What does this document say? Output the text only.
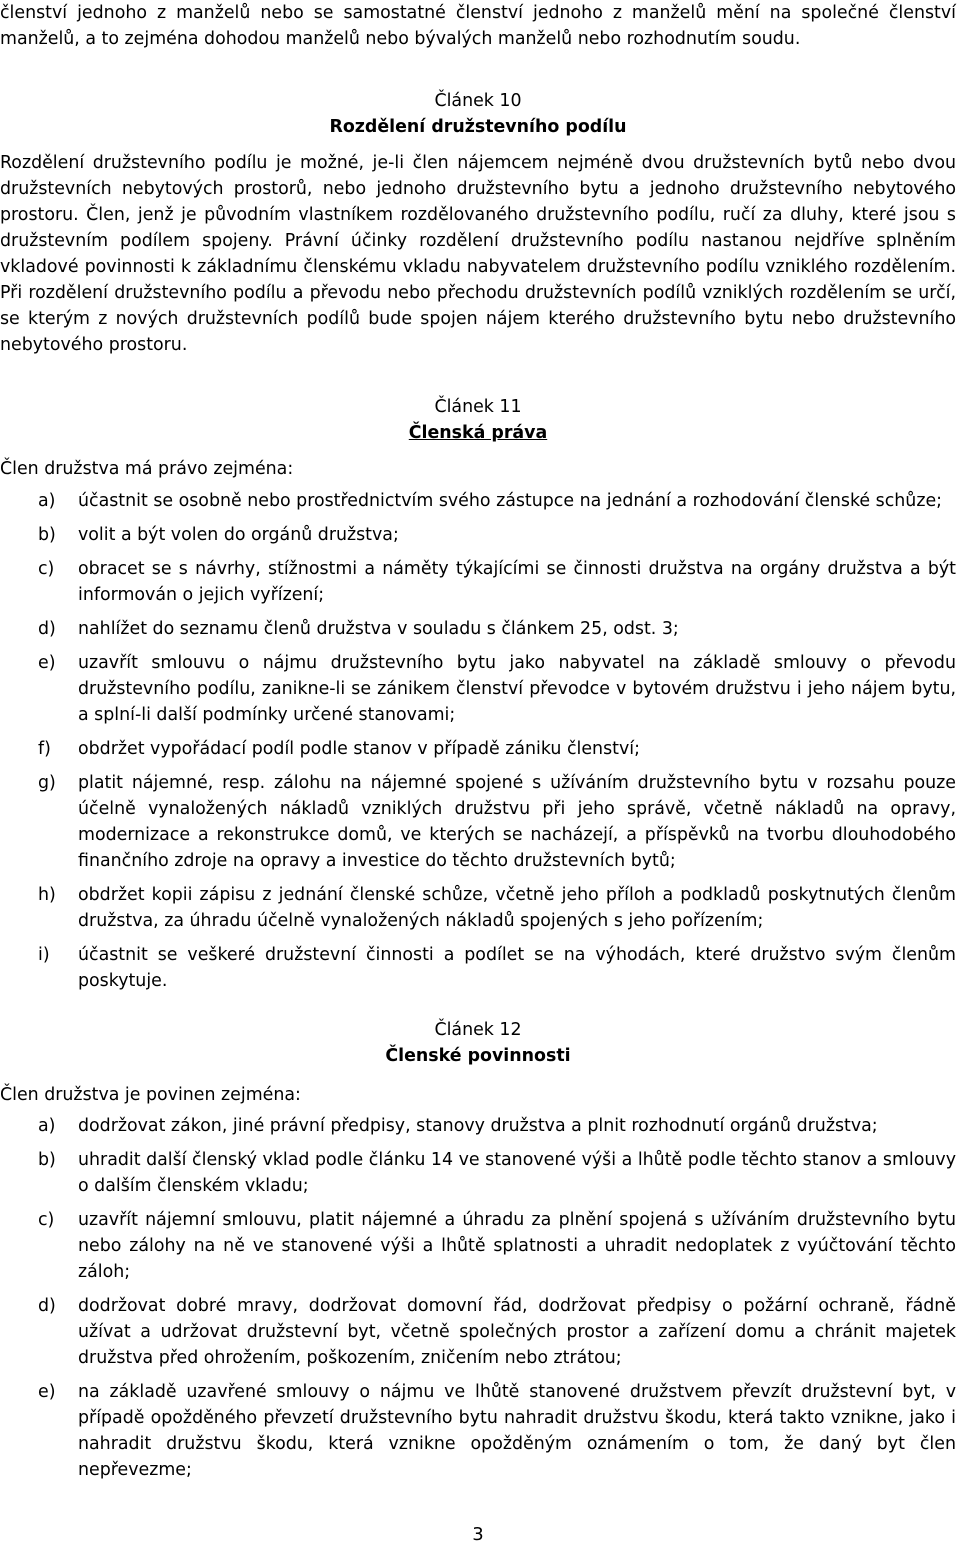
členství jednoho z manželů nebo se samostatné členství jednoho z manželů mění na společné členství manželů, a to zejména dohodou manželů nebo bývalých manželů nebo rozhodnutím soudu.

Článek 10
Rozdělení družstevního podílu

Rozdělení družstevního podílu je možné, je-li člen nájemcem nejméně dvou družstevních bytů nebo dvou družstevních nebytových prostorů, nebo jednoho družstevního bytu a jednoho družstevního nebytového prostoru. Člen, jenž je původním vlastníkem rozdělovaného družstevního podílu, ručí za dluhy, které jsou s družstevním podílem spojeny. Právní účinky rozdělení družstevního podílu nastanou nejdříve splněním vkladové povinnosti k základnímu členskému vkladu nabyvatelem družstevního podílu vzniklého rozdělením. Při rozdělení družstevního podílu a převodu nebo přechodu družstevních podílů vzniklých rozdělením se určí, se kterým z nových družstevních podílů bude spojen nájem kterého družstevního bytu nebo družstevního nebytového prostoru.

Článek 11
Členská práva

Člen družstva má právo zejména:

a) účastnit se osobně nebo prostřednictvím svého zástupce na jednání a rozhodování členské schůze;
b) volit a být volen do orgánů družstva;
c) obracet se s návrhy, stížnostmi a náměty týkajícími se činnosti družstva na orgány družstva a být informován o jejich vyřízení;
d) nahlížet do seznamu členů družstva v souladu s článkem 25, odst. 3;
e) uzavřít smlouvu o nájmu družstevního bytu jako nabyvatel na základě smlouvy o převodu družstevního podílu, zanikne-li se zánikem členství převodce v bytovém družstvu i jeho nájem bytu, a splní-li další podmínky určené stanovami;
f) obdržet vypořádací podíl podle stanov v případě zániku členství;
g) platit nájemné, resp. zálohu na nájemné spojené s užíváním družstevního bytu v rozsahu pouze účelně vynaložených nákladů vzniklých družstvu při jeho správě, včetně nákladů na opravy, modernizace a rekonstrukce domů, ve kterých se nacházejí, a příspěvků na tvorbu dlouhodobého finančního zdroje na opravy a investice do těchto družstevních bytů;
h) obdržet kopii zápisu z jednání členské schůze, včetně jeho příloh a podkladů poskytnutých členům družstva, za úhradu účelně vynaložených nákladů spojených s jeho pořízením;
i) účastnit se veškeré družstevní činnosti a podílet se na výhodách, které družstvo svým členům poskytuje.
Článek 12
Členské povinnosti

Člen družstva je povinen zejména:

a) dodržovat zákon, jiné právní předpisy, stanovy družstva a plnit rozhodnutí orgánů družstva;
b) uhradit další členský vklad podle článku 14 ve stanovené výši a lhůtě podle těchto stanov a smlouvy o dalším členském vkladu;
c) uzavřít nájemní smlouvu, platit nájemné a úhradu za plnění spojená s užíváním družstevního bytu nebo zálohy na ně ve stanovené výši a lhůtě splatnosti a uhradit nedoplatek z vyúčtování těchto záloh;
d) dodržovat dobré mravy, dodržovat domovní řád, dodržovat předpisy o požární ochraně, řádně užívat a udržovat družstevní byt, včetně společných prostor a zařízení domu a chránit majetek družstva před ohrožením, poškozením, zničením nebo ztrátou;
e) na základě uzavřené smlouvy o nájmu ve lhůtě stanovené družstvem převzít družstevní byt, v případě opožděného převzetí družstevního bytu nahradit družstvu škodu, která takto vznikne, jako i nahradit družstvu škodu, která vznikne opožděným oznámením o tom, že daný byt člen nepřevezme;
3
